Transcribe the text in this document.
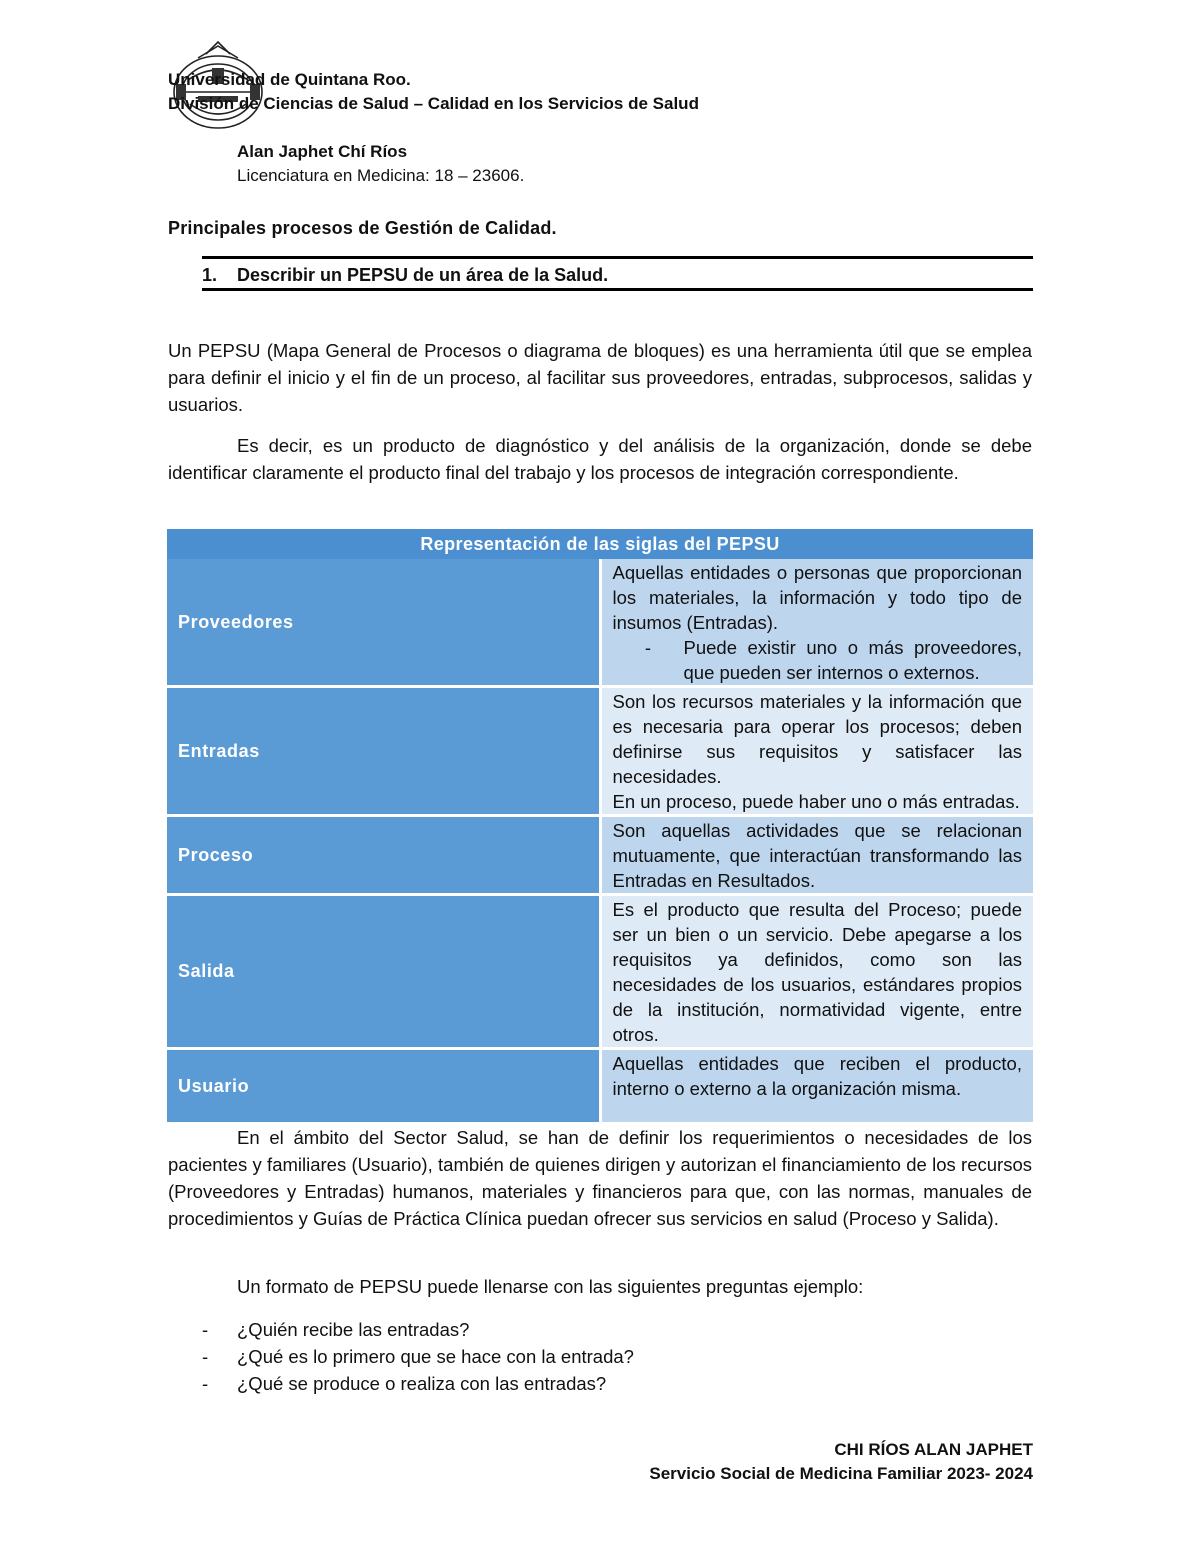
Universidad de Quintana Roo.
División de Ciencias de Salud – Calidad en los Servicios de Salud
Alan Japhet Chí Ríos
Licenciatura en Medicina: 18 – 23606.
Principales procesos de Gestión de Calidad.
1. Describir un PEPSU de un área de la Salud.
Un PEPSU (Mapa General de Procesos o diagrama de bloques) es una herramienta útil que se emplea para definir el inicio y el fin de un proceso, al facilitar sus proveedores, entradas, subprocesos, salidas y usuarios.
Es decir, es un producto de diagnóstico y del análisis de la organización, donde se debe identificar claramente el producto final del trabajo y los procesos de integración correspondiente.
Representación de las siglas del PEPSU	
Proveedores	Aquellas entidades o personas que proporcionan los materiales, la información y todo tipo de insumos (Entradas).
- Puede existir uno o más proveedores, que pueden ser internos o externos.

Entradas	Son los recursos materiales y la información que es necesaria para operar los procesos; deben definirse sus requisitos y satisfacer las necesidades.
En un proceso, puede haber uno o más entradas.

Proceso	Son aquellas actividades que se relacionan mutuamente, que interactúan transformando las Entradas en Resultados.

Salida	Es el producto que resulta del Proceso; puede ser un bien o un servicio. Debe apegarse a los requisitos ya definidos, como son las necesidades de los usuarios, estándares propios de la institución, normatividad vigente, entre otros.

Usuario	Aquellas entidades que reciben el producto, interno o externo a la organización misma.
En el ámbito del Sector Salud, se han de definir los requerimientos o necesidades de los pacientes y familiares (Usuario), también de quienes dirigen y autorizan el financiamiento de los recursos (Proveedores y Entradas) humanos, materiales y financieros para que, con las normas, manuales de procedimientos y Guías de Práctica Clínica puedan ofrecer sus servicios en salud (Proceso y Salida).
Un formato de PEPSU puede llenarse con las siguientes preguntas ejemplo:
-	¿Quién recibe las entradas?
-	¿Qué es lo primero que se hace con la entrada?
-	¿Qué se produce o realiza con las entradas?
CHI RÍOS ALAN JAPHET
Servicio Social de Medicina Familiar 2023- 2024
